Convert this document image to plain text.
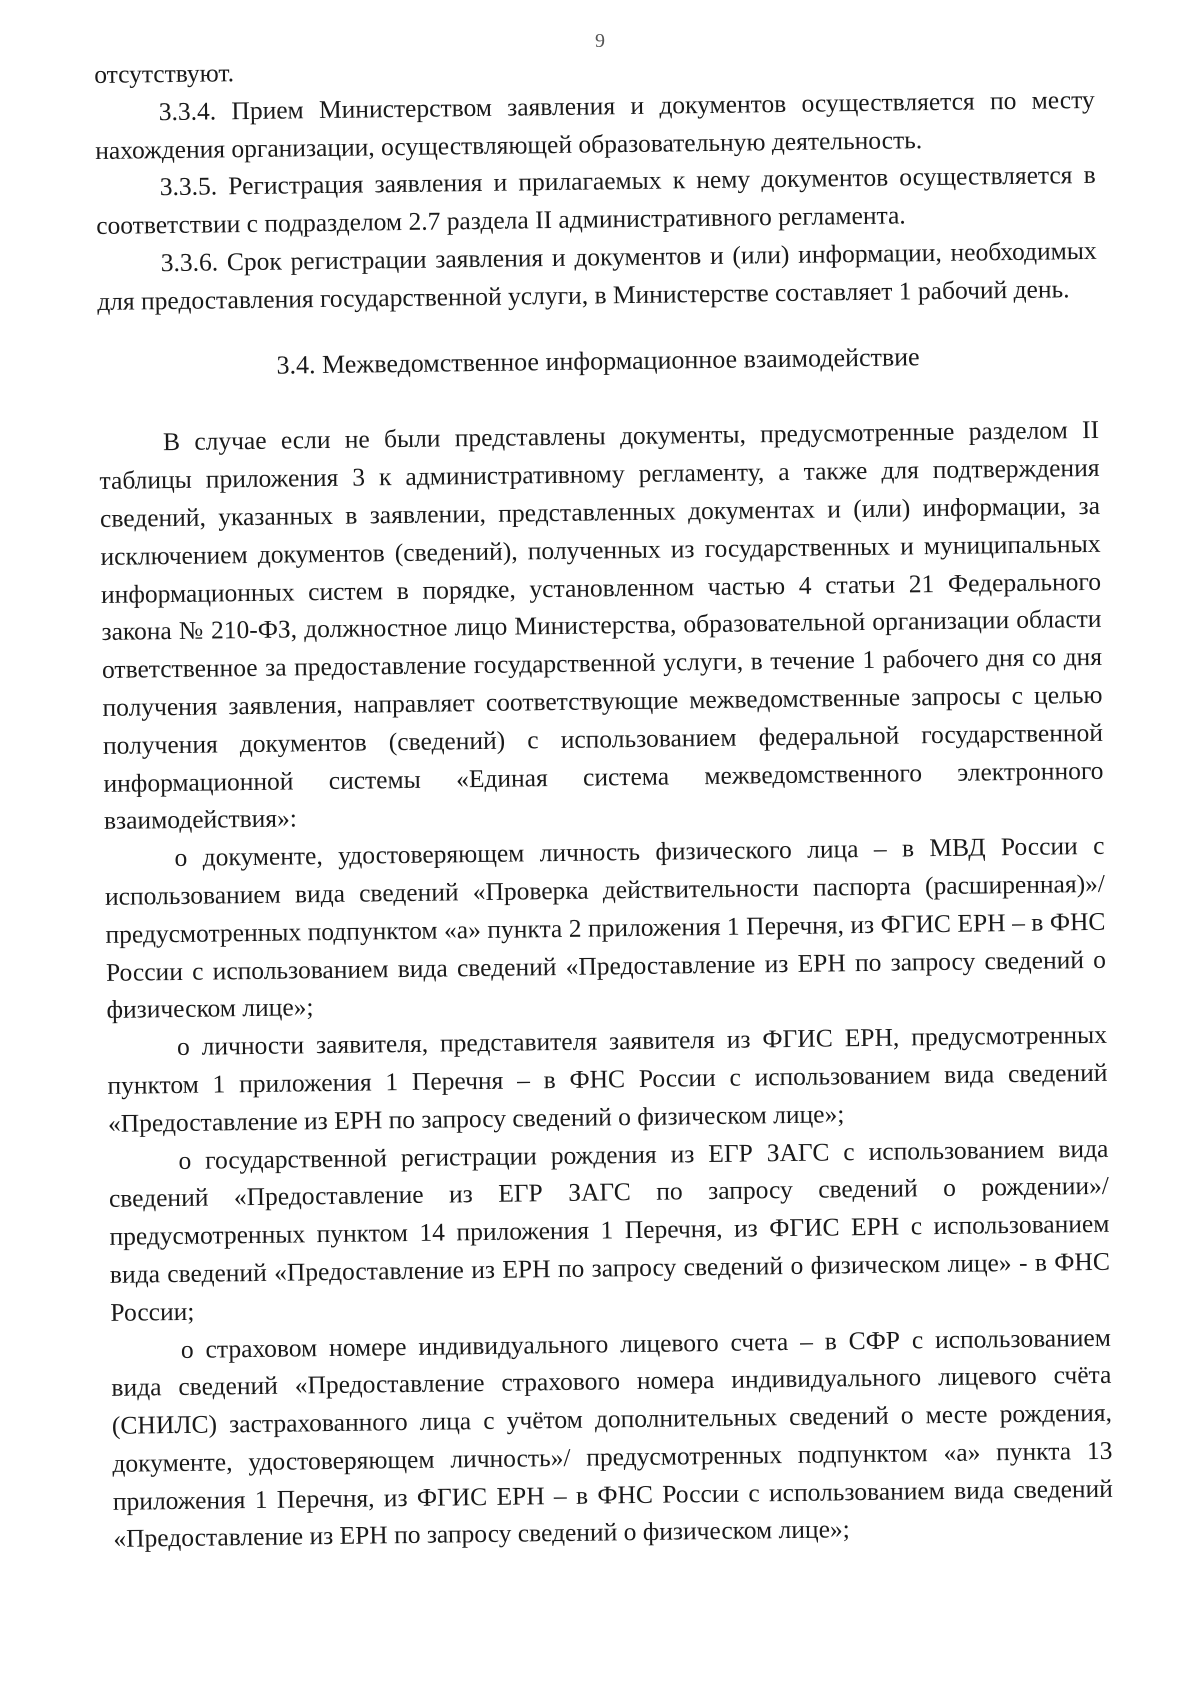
9

отсутствуют.

3.3.4. Прием Министерством заявления и документов осуществляется по месту нахождения организации, осуществляющей образовательную деятельность.

3.3.5. Регистрация заявления и прилагаемых к нему документов осуществляется в соответствии с подразделом 2.7 раздела II административного регламента.

3.3.6. Срок регистрации заявления и документов и (или) информации, необходимых для предоставления государственной услуги, в Министерстве составляет 1 рабочий день.

3.4. Межведомственное информационное взаимодействие

В случае если не были представлены документы, предусмотренные разделом II таблицы приложения 3 к административному регламенту, а также для подтверждения сведений, указанных в заявлении, представленных документах и (или) информации, за исключением документов (сведений), полученных из государственных и муниципальных информационных систем в порядке, установленном частью 4 статьи 21 Федерального закона № 210-ФЗ, должностное лицо Министерства, образовательной организации области ответственное за предоставление государственной услуги, в течение 1 рабочего дня со дня получения заявления, направляет соответствующие межведомственные запросы с целью получения документов (сведений) с использованием федеральной государственной информационной системы «Единая система межведомственного электронного взаимодействия»:

о документе, удостоверяющем личность физического лица – в МВД России с использованием вида сведений «Проверка действительности паспорта (расширенная)»/предусмотренных подпунктом «а» пункта 2 приложения 1 Перечня, из ФГИС ЕРН – в ФНС России с использованием вида сведений «Предоставление из ЕРН по запросу сведений о физическом лице»;

о личности заявителя, представителя заявителя из ФГИС ЕРН, предусмотренных пунктом 1 приложения 1 Перечня – в ФНС России с использованием вида сведений «Предоставление из ЕРН по запросу сведений о физическом лице»;

о государственной регистрации рождения из ЕГР ЗАГС с использованием вида сведений «Предоставление из ЕГР ЗАГС по запросу сведений о рождении»/предусмотренных пунктом 14 приложения 1 Перечня, из ФГИС ЕРН с использованием вида сведений «Предоставление из ЕРН по запросу сведений о физическом лице» - в ФНС России;

о страховом номере индивидуального лицевого счета – в СФР с использованием вида сведений «Предоставление страхового номера индивидуального лицевого счёта (СНИЛС) застрахованного лица с учётом дополнительных сведений о месте рождения, документе, удостоверяющем личность»/ предусмотренных подпунктом «а» пункта 13 приложения 1 Перечня, из ФГИС ЕРН – в ФНС России с использованием вида сведений «Предоставление из ЕРН по запросу сведений о физическом лице»;
